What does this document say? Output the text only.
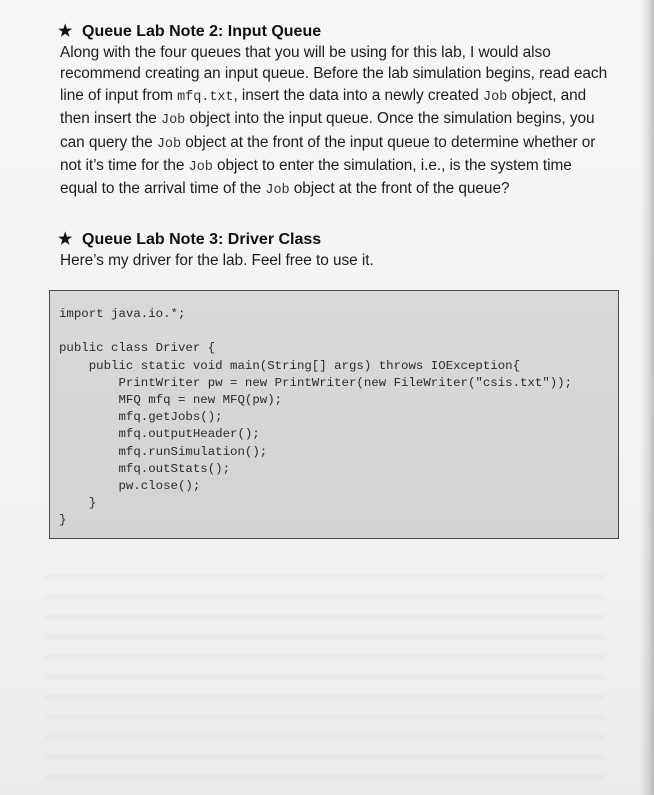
★ Queue Lab Note 2: Input Queue
Along with the four queues that you will be using for this lab, I would also
recommend creating an input queue. Before the lab simulation begins, read each
line of input from mfq.txt, insert the data into a newly created Job object, and
then insert the Job object into the input queue. Once the simulation begins, you
can query the Job object at the front of the input queue to determine whether or
not it’s time for the Job object to enter the simulation, i.e., is the system time
equal to the arrival time of the Job object at the front of the queue?
★ Queue Lab Note 3: Driver Class
Here’s my driver for the lab. Feel free to use it.
import java.io.*;

public class Driver {
public static void main(String[] args) throws IOException{
PrintWriter pw = new PrintWriter(new FileWriter("csis.txt"));
MFQ mfq = new MFQ(pw);
mfq.getJobs();
mfq.outputHeader();
mfq.runSimulation();
mfq.outStats();
pw.close();
}
}
